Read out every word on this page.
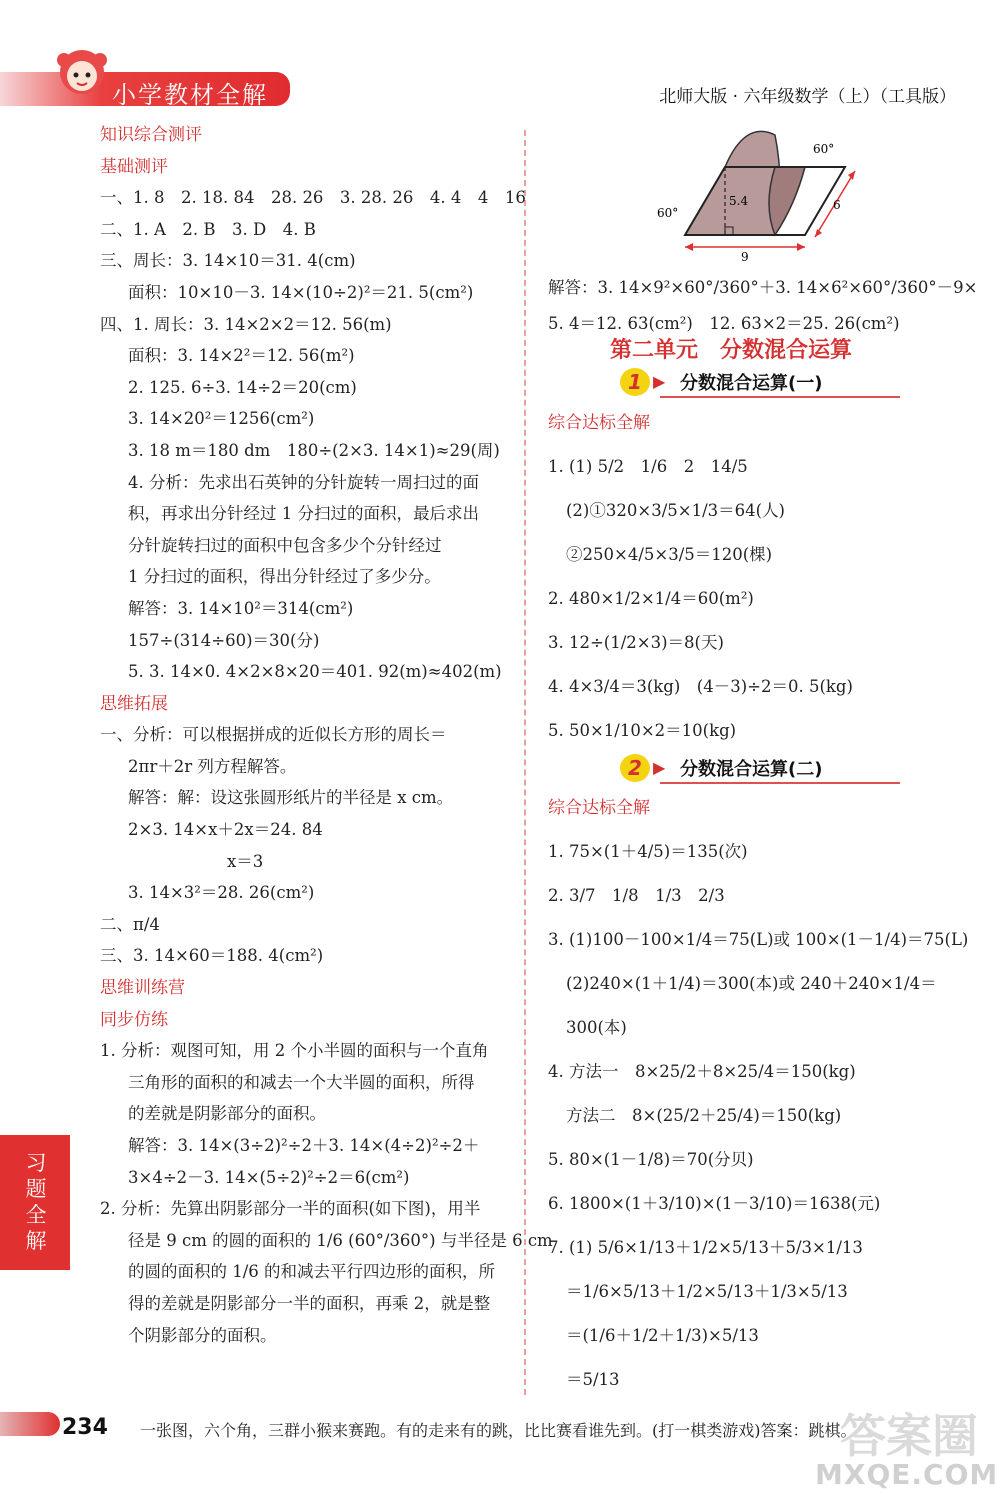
小学教材全解	北师大版 · 六年级数学（上）（工具版）
知识综合测评
基础测评
一、1. 8　2. 18. 84　28. 26　3. 28. 26　4. 4　4　16
二、1. A　2. B　3. D　4. B
三、周长：3. 14×10＝31. 4(cm)
面积：10×10－3. 14×(10÷2)²＝21. 5(cm²)
四、1. 周长：3. 14×2×2＝12. 56(m)
面积：3. 14×2²＝12. 56(m²)
2. 125. 6÷3. 14÷2＝20(cm)
3. 14×20²＝1256(cm²)
3. 18 m＝180 dm　180÷(2×3. 14×1)≈29(周)
4. 分析：先求出石英钟的分针旋转一周扫过的面
积，再求出分针经过 1 分扫过的面积，最后求出
分针旋转扫过的面积中包含多少个分针经过
1 分扫过的面积，得出分针经过了多少分。
解答：3. 14×10²＝314(cm²)
157÷(314÷60)＝30(分)
5. 3. 14×0. 4×2×8×20＝401. 92(m)≈402(m)
思维拓展
一、分析：可以根据拼成的近似长方形的周长＝
2πr＋2r 列方程解答。
解答：解：设这张圆形纸片的半径是 x cm。
2×3. 14×x＋2x＝24. 84
　　　　　　x＝3
3. 14×3²＝28. 26(cm²)
二、π/4
三、3. 14×60＝188. 4(cm²)
思维训练营
同步仿练
1. 分析：观图可知，用 2 个小半圆的面积与一个直角
三角形的面积的和减去一个大半圆的面积，所得
的差就是阴影部分的面积。
解答：3. 14×(3÷2)²÷2＋3. 14×(4÷2)²÷2＋
3×4÷2－3. 14×(5÷2)²÷2＝6(cm²)
2. 分析：先算出阴影部分一半的面积(如下图)，用半
径是 9 cm 的圆的面积的 1/6 (60°/360°) 与半径是 6 cm
的圆的面积的 1/6 的和减去平行四边形的面积，所
得的差就是阴影部分一半的面积，再乘 2，就是整
个阴影部分的面积。
60°
60°
5.4	6
9
解答：3. 14×9²×60°/360°＋3. 14×6²×60°/360°－9×
5. 4＝12. 63(cm²)　12. 63×2＝25. 26(cm²)
第二单元　分数混合运算
1 ▶ 分数混合运算(一)
综合达标全解
1. (1) 5/2　1/6　2　14/5
(2)①320×3/5×1/3＝64(人)
②250×4/5×3/5＝120(棵)
2. 480×1/2×1/4＝60(m²)
3. 12÷(1/2×3)＝8(天)
4. 4×3/4＝3(kg)　(4－3)÷2＝0. 5(kg)
5. 50×1/10×2＝10(kg)
2 ▶ 分数混合运算(二)
综合达标全解
1. 75×(1＋4/5)＝135(次)
2. 3/7　1/8　1/3　2/3
3. (1)100－100×1/4＝75(L)或 100×(1－1/4)＝75(L)
(2)240×(1＋1/4)＝300(本)或 240＋240×1/4＝
300(本)
4. 方法一　8×25/2＋8×25/4＝150(kg)
方法二　8×(25/2＋25/4)＝150(kg)
5. 80×(1－1/8)＝70(分贝)
6. 1800×(1＋3/10)×(1－3/10)＝1638(元)
7. (1) 5/6×1/13＋1/2×5/13＋5/3×1/13
＝1/6×5/13＋1/2×5/13＋1/3×5/13
＝(1/6＋1/2＋1/3)×5/13
＝5/13
习题全解
234 一张图，六个角，三群小猴来赛跑。有的走来有的跳，比比赛看谁先到。(打一棋类游戏)答案：跳棋。
答案圈
MXQE.COM
